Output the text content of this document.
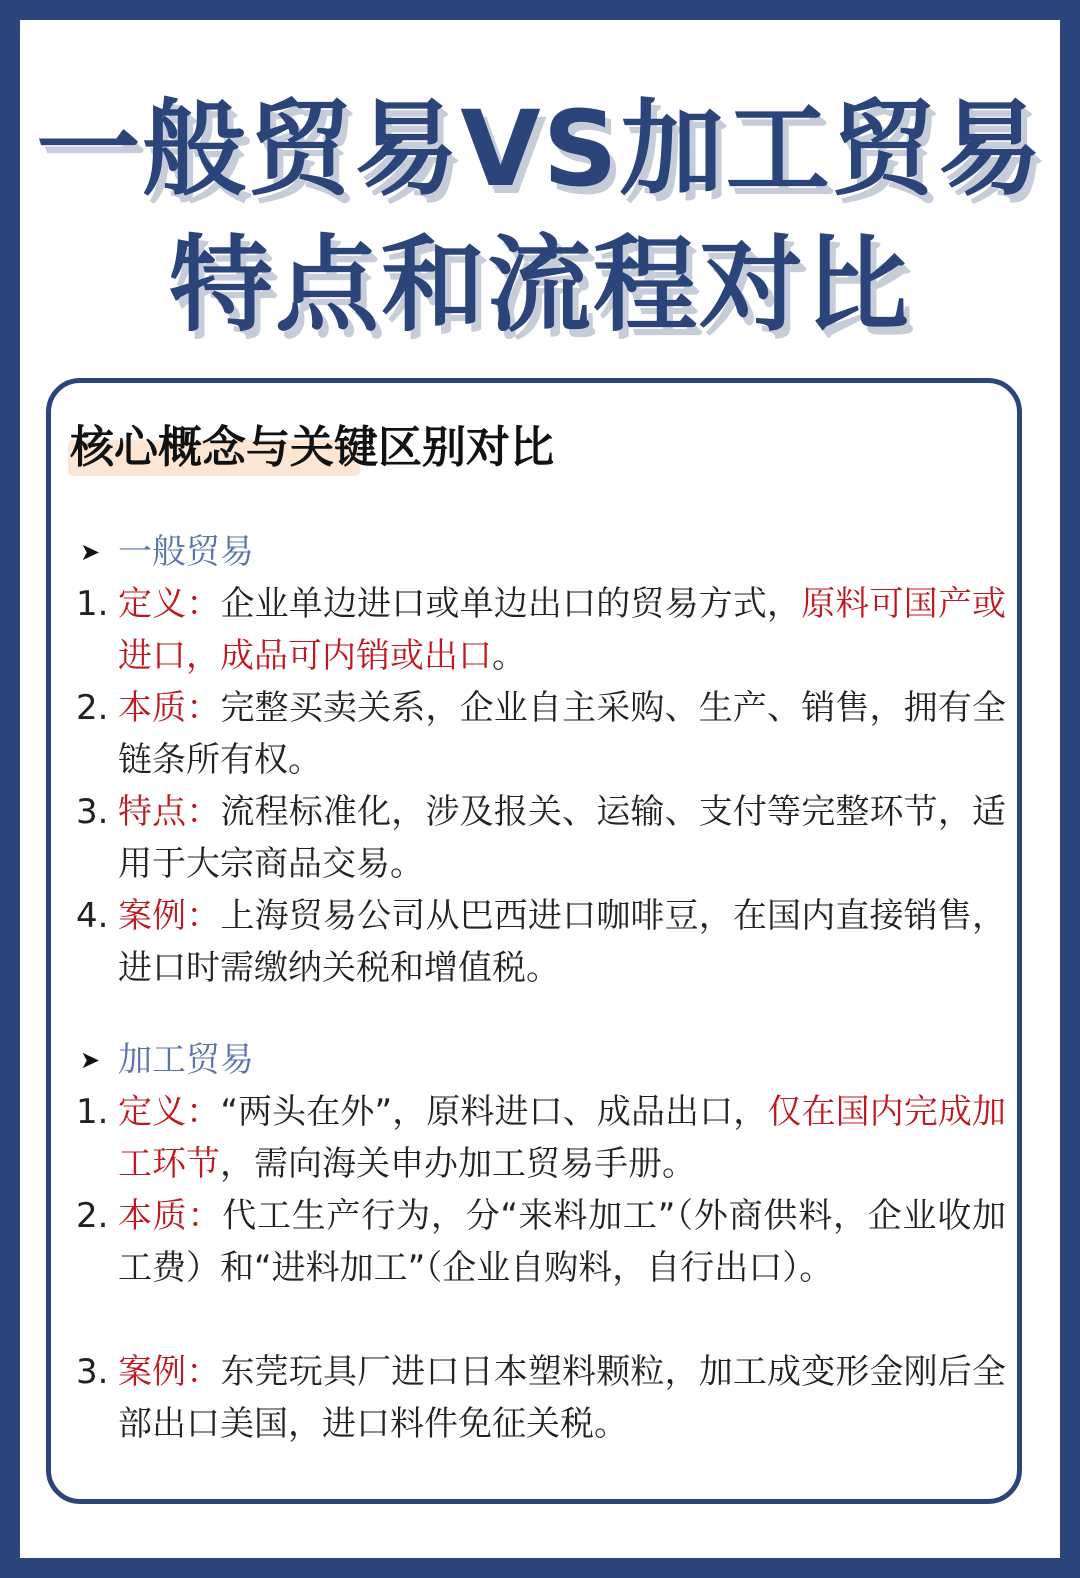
一般贸易VS加工贸易
特点和流程对比
核心概念与关键区别对比
➤ 一般贸易
1. 定义：企业单边进口或单边出口的贸易方式，原料可国产或进口，成品可内销或出口。
2. 本质：完整买卖关系，企业自主采购、生产、销售，拥有全链条所有权。
3. 特点：流程标准化，涉及报关、运输、支付等完整环节，适用于大宗商品交易。
4. 案例：上海贸易公司从巴西进口咖啡豆，在国内直接销售，进口时需缴纳关税和增值税。
➤ 加工贸易
1. 定义：“两头在外”，原料进口、成品出口，仅在国内完成加工环节，需向海关申办加工贸易手册。
2. 本质：代工生产行为，分“来料加工”（外商供料，企业收加工费）和“进料加工”（企业自购料，自行出口）。
3. 案例：东莞玩具厂进口日本塑料颗粒，加工成变形金刚后全部出口美国，进口料件免征关税。
